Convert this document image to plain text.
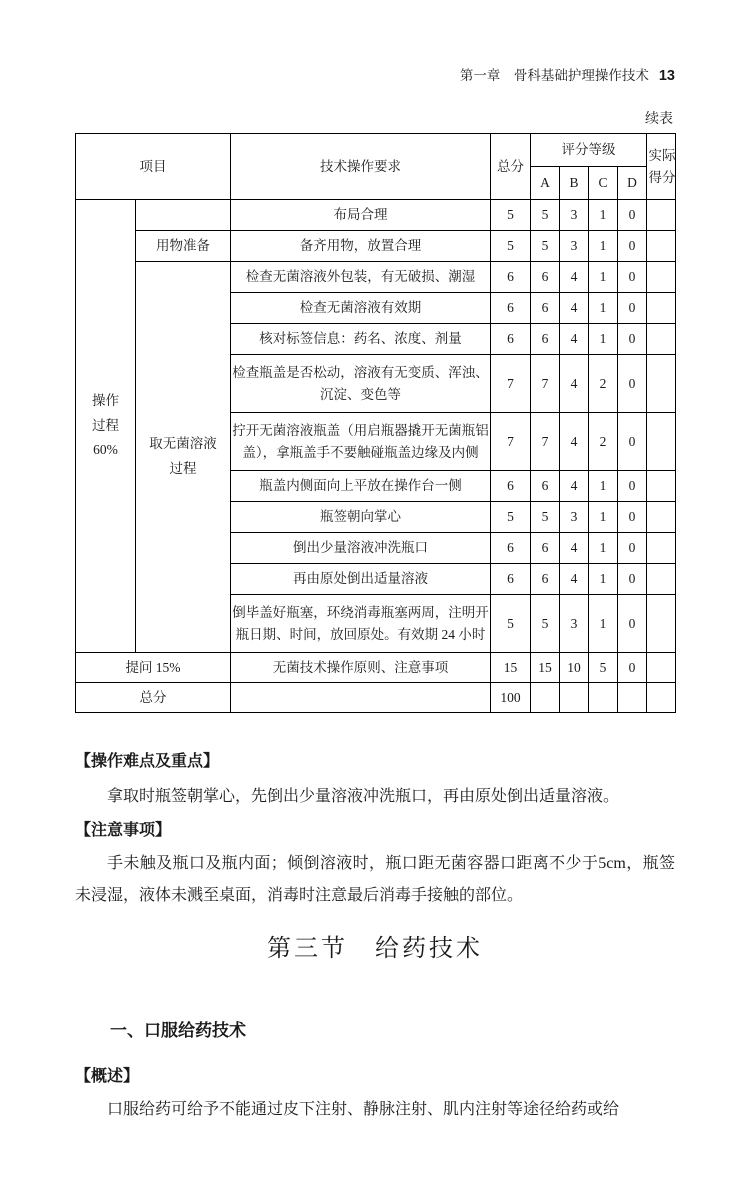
第一章　骨科基础护理操作技术 13
续表
项目		技术操作要求	总分	评分等级				实际得分

				A	B	C	D	

操作过程
60%		布局合理	5	5	3	1	0	
	用物准备	备齐用物，放置合理	5	5	3	1	0	

	取无菌溶液过程	检查无菌溶液外包装，有无破损、潮湿	6	6	4	1	0	
		检查无菌溶液有效期	6	6	4	1	0	
		核对标签信息：药名、浓度、剂量	6	6	4	1	0	
		检查瓶盖是否松动，溶液有无变质、浑浊、沉淀、变色等	7	7	4	2	0	
		拧开无菌溶液瓶盖（用启瓶器撬开无菌瓶铝盖），拿瓶盖手不要触碰瓶盖边缘及内侧	7	7	4	2	0	
		瓶盖内侧面向上平放在操作台一侧	6	6	4	1	0	
		瓶签朝向掌心	5	5	3	1	0	
		倒出少量溶液冲洗瓶口	6	6	4	1	0	
		再由原处倒出适量溶液	6	6	4	1	0	
		倒毕盖好瓶塞，环绕消毒瓶塞两周，注明开瓶日期、时间，放回原处。有效期 24 小时	5	5	3	1	0	
提问 15%		无菌技术操作原则、注意事项	15	15	10	5	0	
总分			100					
【操作难点及重点】
拿取时瓶签朝掌心，先倒出少量溶液冲洗瓶口，再由原处倒出适量溶液。
【注意事项】
手未触及瓶口及瓶内面；倾倒溶液时，瓶口距无菌容器口距离不少于5cm，瓶签未浸湿，液体未溅至桌面，消毒时注意最后消毒手接触的部位。
第三节　给药技术
一、口服给药技术
【概述】
口服给药可给予不能通过皮下注射、静脉注射、肌内注射等途径给药或给
